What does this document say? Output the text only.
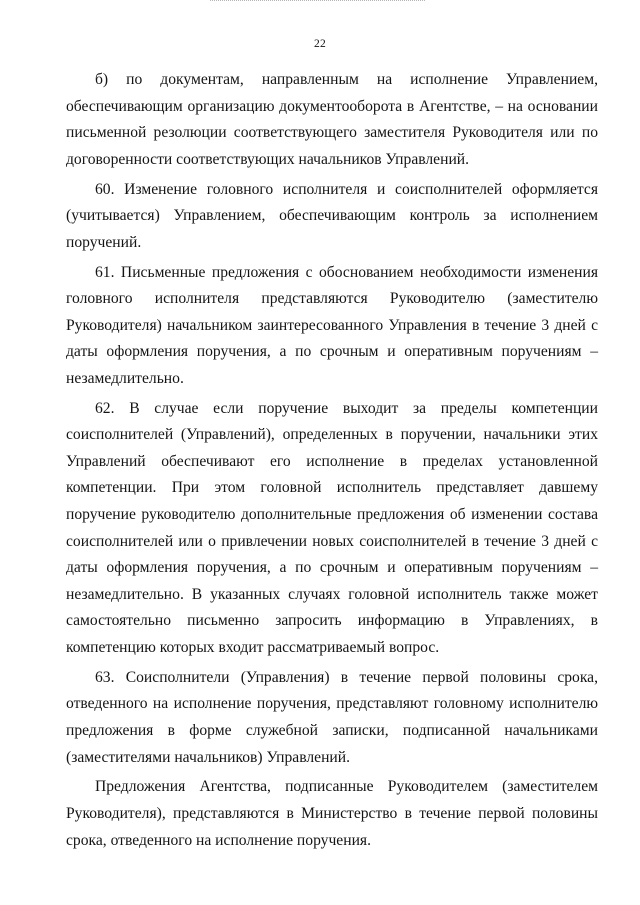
22

б) по документам, направленным на исполнение Управлением, обеспечивающим организацию документооборота в Агентстве, – на основании письменной резолюции соответствующего заместителя Руководителя или по договоренности соответствующих начальников Управлений.

60. Изменение головного исполнителя и соисполнителей оформляется (учитывается) Управлением, обеспечивающим контроль за исполнением поручений.

61. Письменные предложения с обоснованием необходимости изменения головного исполнителя представляются Руководителю (заместителю Руководителя) начальником заинтересованного Управления в течение 3 дней с даты оформления поручения, а по срочным и оперативным поручениям – незамедлительно.

62. В случае если поручение выходит за пределы компетенции соисполнителей (Управлений), определенных в поручении, начальники этих Управлений обеспечивают его исполнение в пределах установленной компетенции. При этом головной исполнитель представляет давшему поручение руководителю дополнительные предложения об изменении состава соисполнителей или о привлечении новых соисполнителей в течение 3 дней с даты оформления поручения, а по срочным и оперативным поручениям – незамедлительно. В указанных случаях головной исполнитель также может самостоятельно письменно запросить информацию в Управлениях, в компетенцию которых входит рассматриваемый вопрос.

63. Соисполнители (Управления) в течение первой половины срока, отведенного на исполнение поручения, представляют головному исполнителю предложения в форме служебной записки, подписанной начальниками (заместителями начальников) Управлений.

Предложения Агентства, подписанные Руководителем (заместителем Руководителя), представляются в Министерство в течение первой половины срока, отведенного на исполнение поручения.
